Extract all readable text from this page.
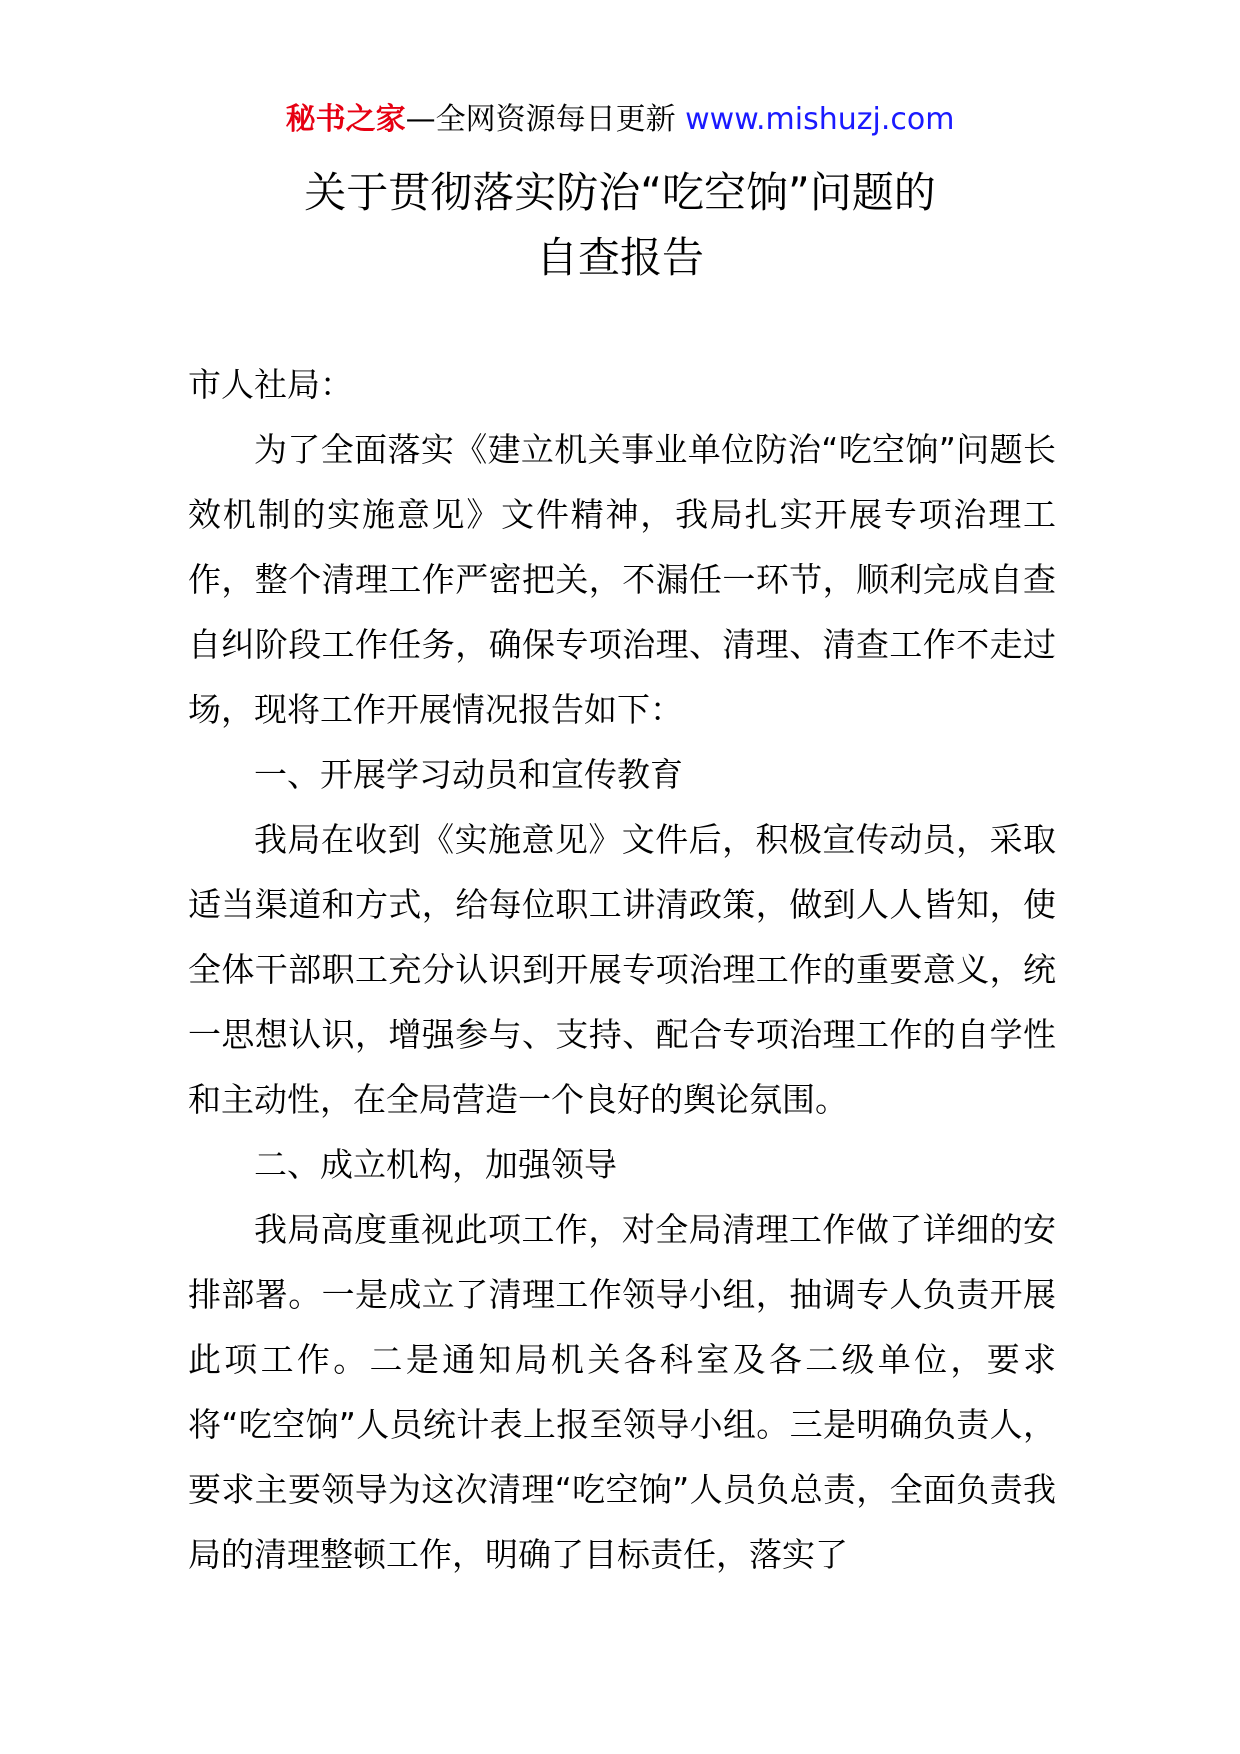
秘书之家—全网资源每日更新 www.mishuzj.com
关于贯彻落实防治“吃空饷”问题的
自查报告

市人社局：

为了全面落实《建立机关事业单位防治“吃空饷”问题长效机制的实施意见》文件精神，我局扎实开展专项治理工作，整个清理工作严密把关，不漏任一环节，顺利完成自查自纠阶段工作任务，确保专项治理、清理、清查工作不走过场，现将工作开展情况报告如下：

一、开展学习动员和宣传教育

我局在收到《实施意见》文件后，积极宣传动员，采取适当渠道和方式，给每位职工讲清政策，做到人人皆知，使全体干部职工充分认识到开展专项治理工作的重要意义，统一思想认识，增强参与、支持、配合专项治理工作的自学性和主动性，在全局营造一个良好的舆论氛围。

二、成立机构，加强领导

我局高度重视此项工作，对全局清理工作做了详细的安排部署。一是成立了清理工作领导小组，抽调专人负责开展此项工作。二是通知局机关各科室及各二级单位，要求将“吃空饷”人员统计表上报至领导小组。三是明确负责人，要求主要领导为这次清理“吃空饷”人员负总责，全面负责我局的清理整顿工作，明确了目标责任，落实了
